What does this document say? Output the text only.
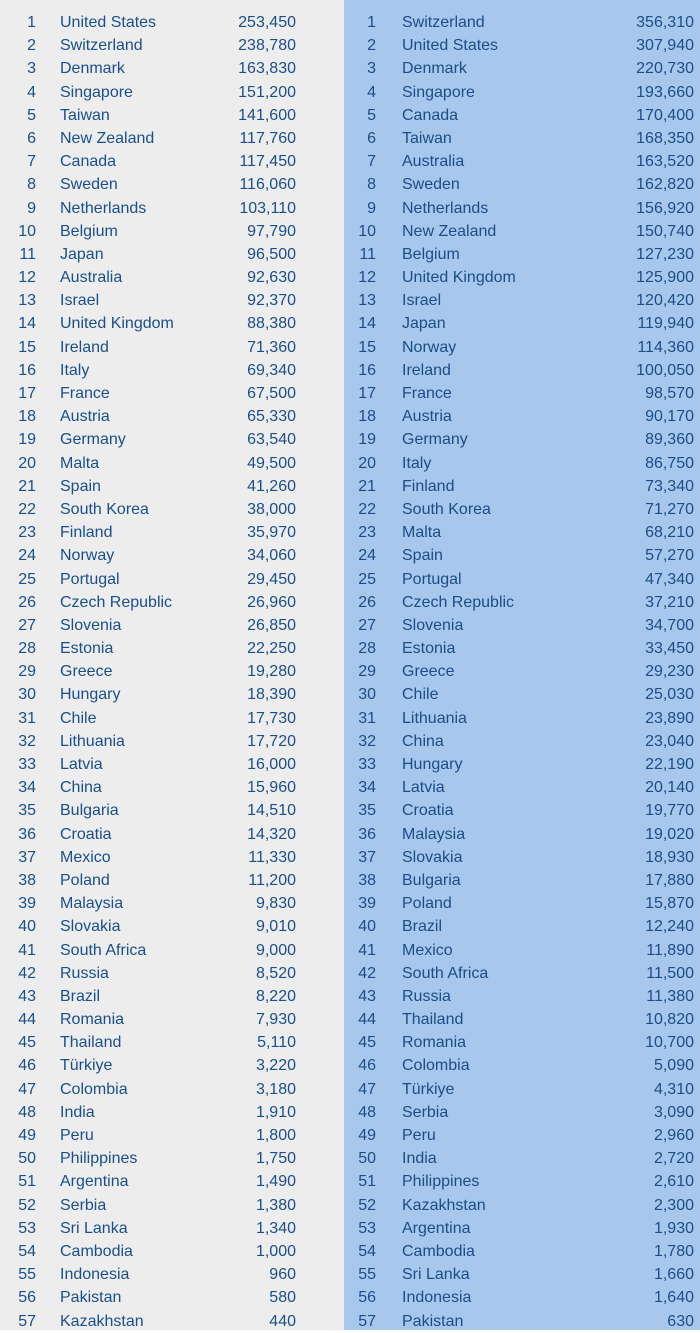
1 United States	253,450
2 Switzerland	238,780
3 Denmark	163,830
4 Singapore	151,200
5 Taiwan	141,600
6 New Zealand	117,760
7 Canada	117,450
8 Sweden	116,060
9 Netherlands	103,110
10 Belgium	97,790
11 Japan	96,500
12 Australia	92,630
13 Israel	92,370
14 United Kingdom	88,380
15 Ireland	71,360
16 Italy	69,340
17 France	67,500
18 Austria	65,330
19 Germany	63,540
20 Malta	49,500
21 Spain	41,260
22 South Korea	38,000
23 Finland	35,970
24 Norway	34,060
25 Portugal	29,450
26 Czech Republic	26,960
27 Slovenia	26,850
28 Estonia	22,250
29 Greece	19,280
30 Hungary	18,390
31 Chile	17,730
32 Lithuania	17,720
33 Latvia	16,000
34 China	15,960
35 Bulgaria	14,510
36 Croatia	14,320
37 Mexico	11,330
38 Poland	11,200
39 Malaysia	9,830
40 Slovakia	9,010
41 South Africa	9,000
42 Russia	8,520
43 Brazil	8,220
44 Romania	7,930
45 Thailand	5,110
46 Türkiye	3,220
47 Colombia	3,180
48 India	1,910
49 Peru	1,800
50 Philippines	1,750
51 Argentina	1,490
52 Serbia	1,380
53 Sri Lanka	1,340
54 Cambodia	1,000
55 Indonesia	960
56 Pakistan	580
57 Kazakhstan	440
1 Switzerland	356,310
2 United States	307,940
3 Denmark	220,730
4 Singapore	193,660
5 Canada	170,400
6 Taiwan	168,350
7 Australia	163,520
8 Sweden	162,820
9 Netherlands	156,920
10 New Zealand	150,740
11 Belgium	127,230
12 United Kingdom	125,900
13 Israel	120,420
14 Japan	119,940
15 Norway	114,360
16 Ireland	100,050
17 France	98,570
18 Austria	90,170
19 Germany	89,360
20 Italy	86,750
21 Finland	73,340
22 South Korea	71,270
23 Malta	68,210
24 Spain	57,270
25 Portugal	47,340
26 Czech Republic	37,210
27 Slovenia	34,700
28 Estonia	33,450
29 Greece	29,230
30 Chile	25,030
31 Lithuania	23,890
32 China	23,040
33 Hungary	22,190
34 Latvia	20,140
35 Croatia	19,770
36 Malaysia	19,020
37 Slovakia	18,930
38 Bulgaria	17,880
39 Poland	15,870
40 Brazil	12,240
41 Mexico	11,890
42 South Africa	11,500
43 Russia	11,380
44 Thailand	10,820
45 Romania	10,700
46 Colombia	5,090
47 Türkiye	4,310
48 Serbia	3,090
49 Peru	2,960
50 India	2,720
51 Philippines	2,610
52 Kazakhstan	2,300
53 Argentina	1,930
54 Cambodia	1,780
55 Sri Lanka	1,660
56 Indonesia	1,640
57 Pakistan	630
